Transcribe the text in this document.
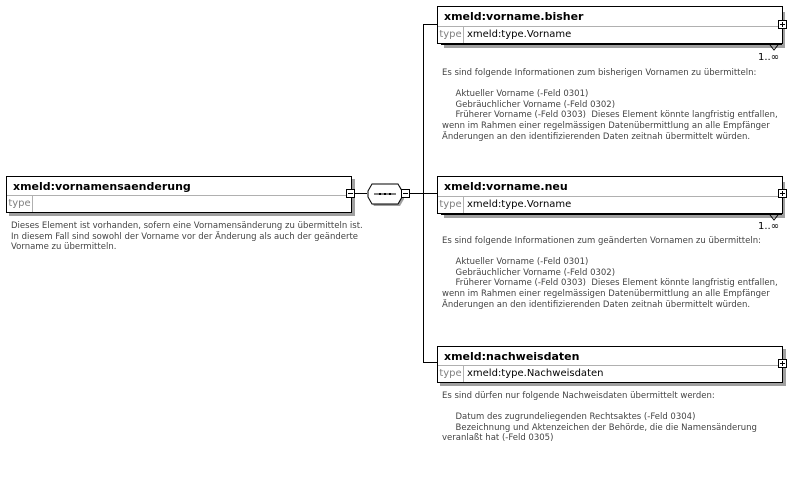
xmeld:vornamensaenderung
type
Dieses Element ist vorhanden, sofern eine Vornamensänderung zu übermitteln ist.
In diesem Fall sind sowohl der Vorname vor der Änderung als auch der geänderte
Vorname zu übermitteln.
xmeld:vorname.bisher
type xmeld:type.Vorname
1..∞
Es sind folgende Informationen zum bisherigen Vornamen zu übermitteln:

Aktueller Vorname (-Feld 0301)
Gebräuchlicher Vorname (-Feld 0302)
Früherer Vorname (-Feld 0303)  Dieses Element könnte langfristig entfallen,
wenn im Rahmen einer regelmässigen Datenübermittlung an alle Empfänger
Änderungen an den identifizierenden Daten zeitnah übermittelt würden.
xmeld:vorname.neu
type xmeld:type.Vorname
1..∞
Es sind folgende Informationen zum geänderten Vornamen zu übermitteln:

Aktueller Vorname (-Feld 0301)
Gebräuchlicher Vorname (-Feld 0302)
Früherer Vorname (-Feld 0303)  Dieses Element könnte langfristig entfallen,
wenn im Rahmen einer regelmässigen Datenübermittlung an alle Empfänger
Änderungen an den identifizierenden Daten zeitnah übermittelt würden.
xmeld:nachweisdaten
type xmeld:type.Nachweisdaten
Es sind dürfen nur folgende Nachweisdaten übermittelt werden:

Datum des zugrundeliegenden Rechtsaktes (-Feld 0304)
Bezeichnung und Aktenzeichen der Behörde, die die Namensänderung
veranlaßt hat (-Feld 0305)
